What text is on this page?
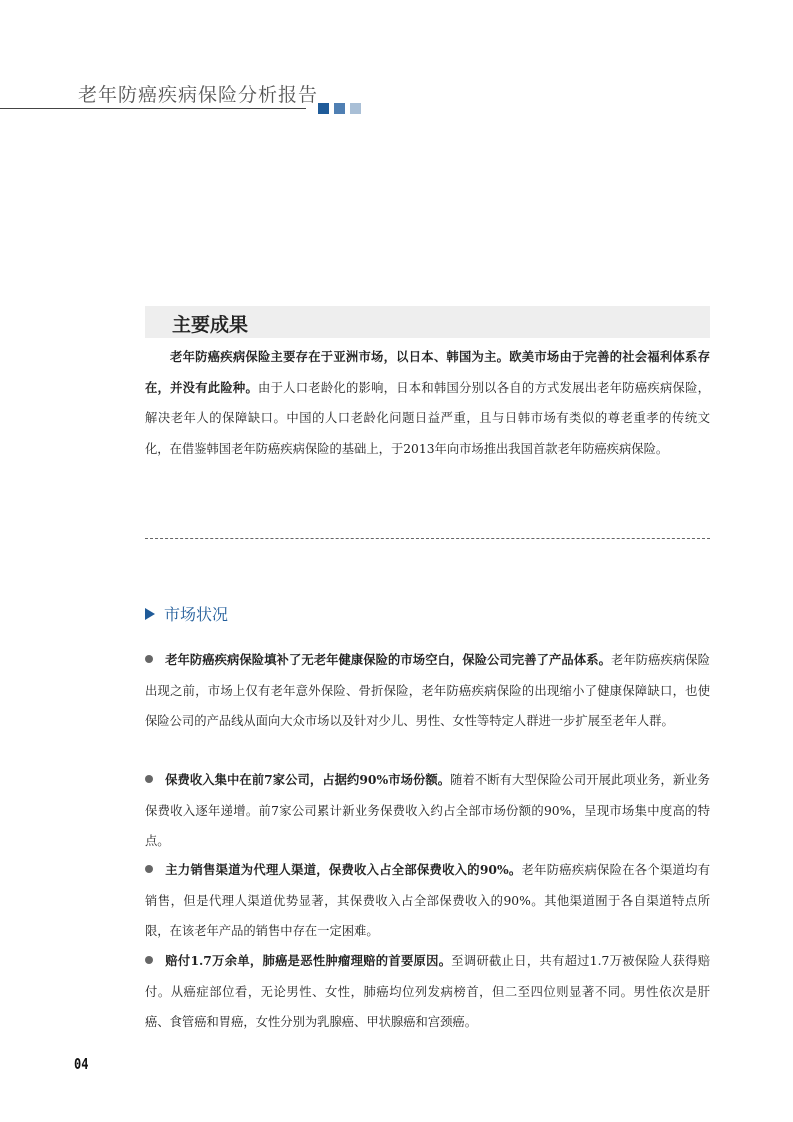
老年防癌疾病保险分析报告
主要成果
老年防癌疾病保险主要存在于亚洲市场，以日本、韩国为主。欧美市场由于完善的社会福利体系存在，并没有此险种。由于人口老龄化的影响，日本和韩国分别以各自的方式发展出老年防癌疾病保险，解决老年人的保障缺口。中国的人口老龄化问题日益严重，且与日韩市场有类似的尊老重孝的传统文化，在借鉴韩国老年防癌疾病保险的基础上，于2013年向市场推出我国首款老年防癌疾病保险。
市场状况
老年防癌疾病保险填补了无老年健康保险的市场空白，保险公司完善了产品体系。老年防癌疾病保险出现之前，市场上仅有老年意外保险、骨折保险，老年防癌疾病保险的出现缩小了健康保障缺口，也使保险公司的产品线从面向大众市场以及针对少儿、男性、女性等特定人群进一步扩展至老年人群。
保费收入集中在前7家公司，占据约90%市场份额。随着不断有大型保险公司开展此项业务，新业务保费收入逐年递增。前7家公司累计新业务保费收入约占全部市场份额的90%，呈现市场集中度高的特点。
主力销售渠道为代理人渠道，保费收入占全部保费收入的90%。老年防癌疾病保险在各个渠道均有销售，但是代理人渠道优势显著，其保费收入占全部保费收入的90%。其他渠道囿于各自渠道特点所限，在该老年产品的销售中存在一定困难。
赔付1.7万余单，肺癌是恶性肿瘤理赔的首要原因。至调研截止日，共有超过1.7万被保险人获得赔付。从癌症部位看，无论男性、女性，肺癌均位列发病榜首，但二至四位则显著不同。男性依次是肝癌、食管癌和胃癌，女性分别为乳腺癌、甲状腺癌和宫颈癌。
04
